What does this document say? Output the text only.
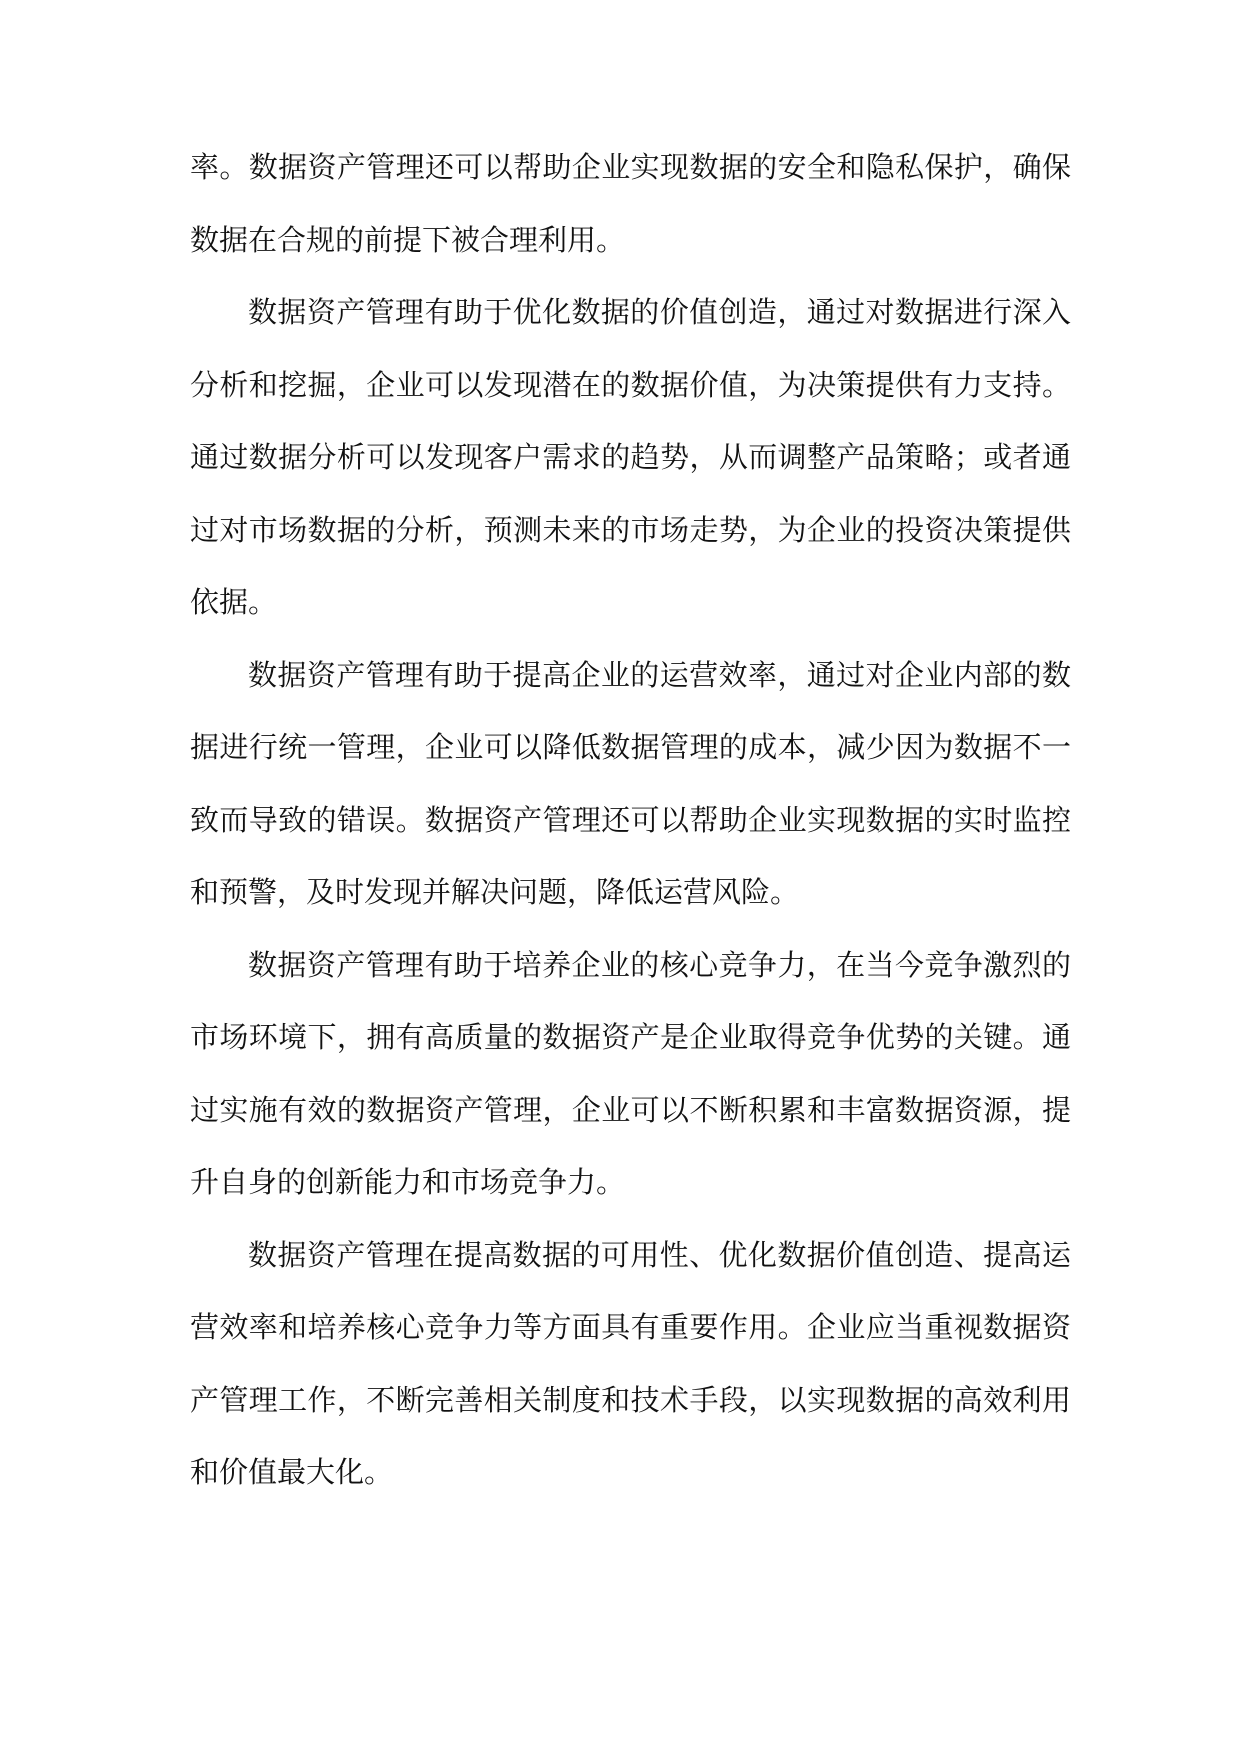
率。数据资产管理还可以帮助企业实现数据的安全和隐私保护，确保数据在合规的前提下被合理利用。

数据资产管理有助于优化数据的价值创造，通过对数据进行深入分析和挖掘，企业可以发现潜在的数据价值，为决策提供有力支持。通过数据分析可以发现客户需求的趋势，从而调整产品策略；或者通过对市场数据的分析，预测未来的市场走势，为企业的投资决策提供依据。

数据资产管理有助于提高企业的运营效率，通过对企业内部的数据进行统一管理，企业可以降低数据管理的成本，减少因为数据不一致而导致的错误。数据资产管理还可以帮助企业实现数据的实时监控和预警，及时发现并解决问题，降低运营风险。

数据资产管理有助于培养企业的核心竞争力，在当今竞争激烈的市场环境下，拥有高质量的数据资产是企业取得竞争优势的关键。通过实施有效的数据资产管理，企业可以不断积累和丰富数据资源，提升自身的创新能力和市场竞争力。

数据资产管理在提高数据的可用性、优化数据价值创造、提高运营效率和培养核心竞争力等方面具有重要作用。企业应当重视数据资产管理工作，不断完善相关制度和技术手段，以实现数据的高效利用和价值最大化。
